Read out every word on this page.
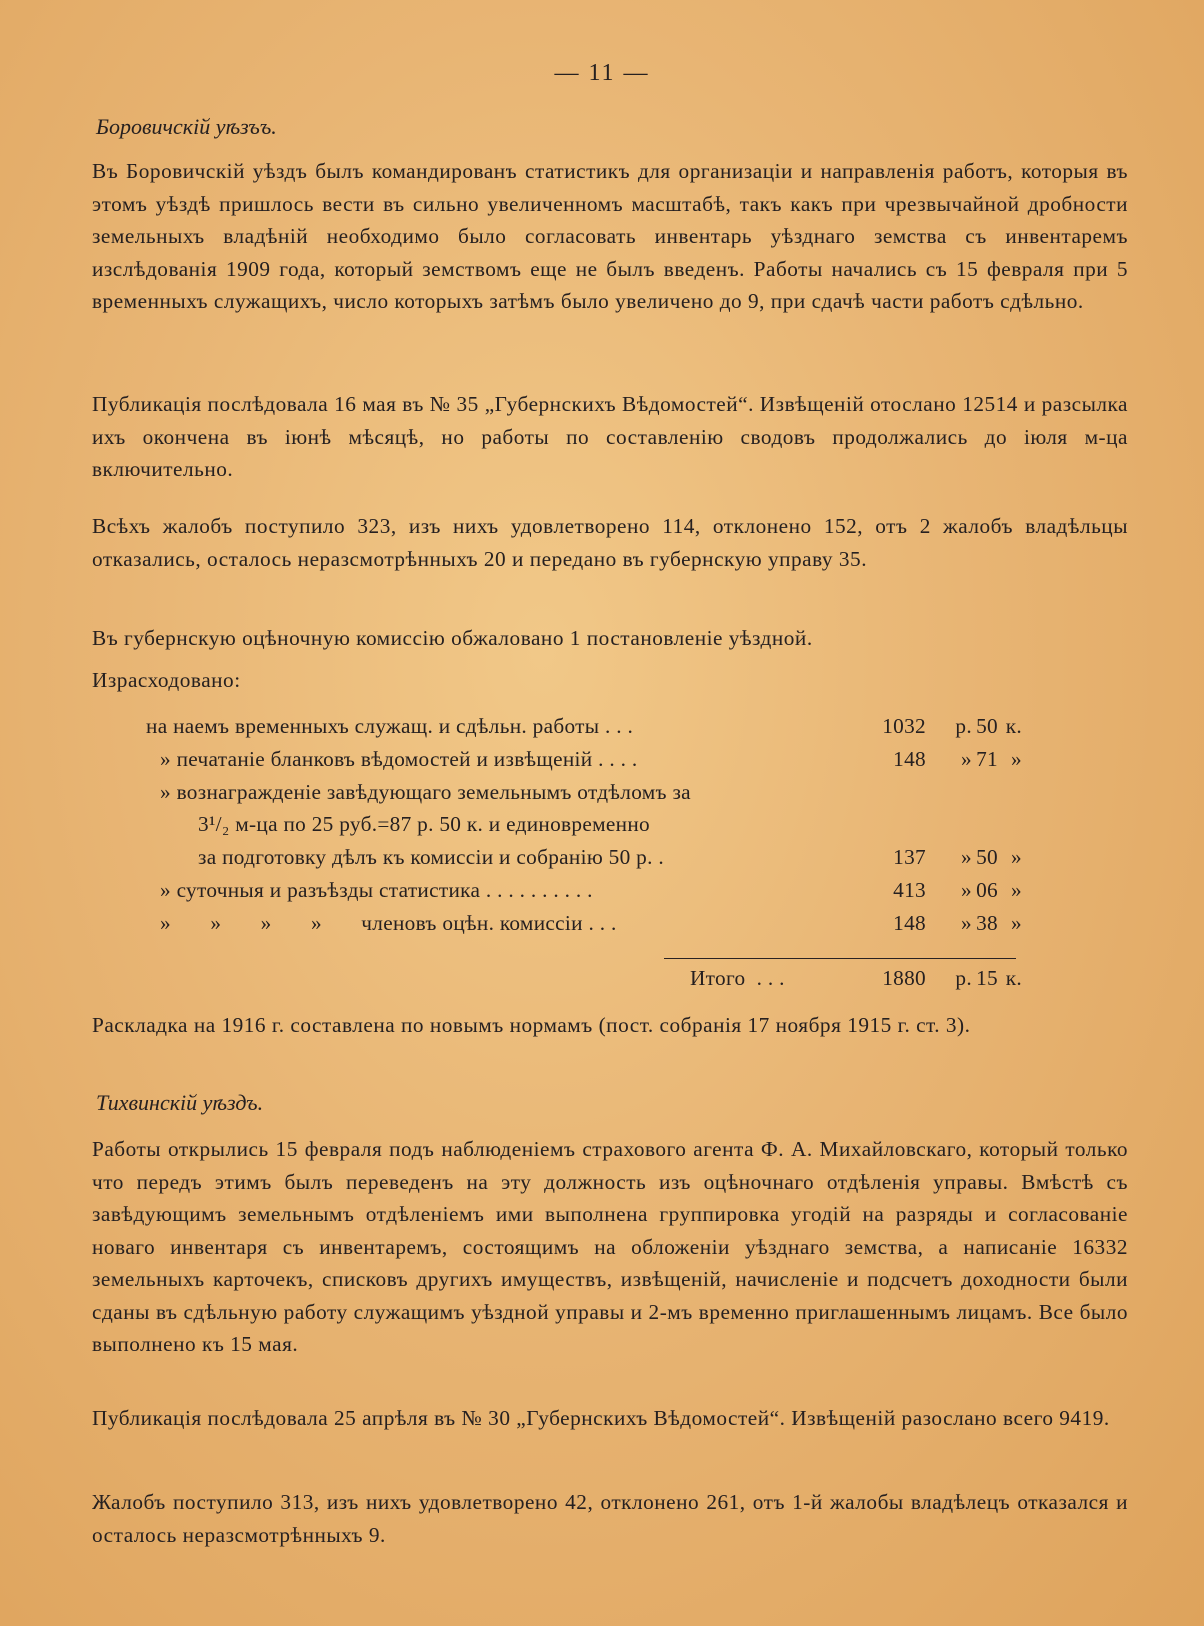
— 11 —
Боровичскій уѣзъъ.
Въ Боровичскій уѣздъ былъ командированъ статистикъ для организаціи и направленія работъ, которыя въ этомъ уѣздѣ пришлось вести въ сильно увеличенномъ масштабѣ, такъ какъ при чрезвычайной дробности земельныхъ владѣній необходимо было согласовать инвентарь уѣзднаго земства съ инвентаремъ изслѣдованія 1909 года, который земствомъ еще не былъ введенъ. Работы начались съ 15 февраля при 5 временныхъ служащихъ, число которыхъ затѣмъ было увеличено до 9, при сдачѣ части работъ сдѣльно.
Публикація послѣдовала 16 мая въ № 35 „Губернскихъ Вѣдомостей“. Извѣщеній отослано 12514 и разсылка ихъ окончена въ іюнѣ мѣсяцѣ, но работы по составленію сводовъ продолжались до іюля м-ца включительно.
Всѣхъ жалобъ поступило 323, изъ нихъ удовлетворено 114, отклонено 152, отъ 2 жалобъ владѣльцы отказались, осталось неразсмотрѣнныхъ 20 и передано въ губернскую управу 35.
Въ губернскую оцѣночную комиссію обжаловано 1 постановленіе уѣздной.
Израсходовано:
на наемъ временныхъ служащ. и сдѣльн. работы . . .	1032 р. 50 к.
» печатаніе бланковъ вѣдомостей и извѣщеній . . . .	148 » 71 »
» вознагражденіе завѣдующаго земельнымъ отдѣломъ за
3¹/₂ м-ца по 25 руб.=87 р. 50 к. и единовременно
за подготовку дѣлъ къ комиссіи и собранію 50 р. .	137 » 50 »
» суточныя и разъѣзды статистика . . . . . . . . . .	413 » 06 »
»       »       »       »       членовъ оцѣн. комиссіи . . .	148 » 38 »
Итого  . . .	1880 р. 15 к.
Раскладка на 1916 г. составлена по новымъ нормамъ (пост. собранія 17 ноября 1915 г. ст. 3).
Тихвинскій уѣздъ.
Работы открылись 15 февраля подъ наблюденіемъ страхового агента Ф. А. Михайловскаго, который только что передъ этимъ былъ переведенъ на эту должность изъ оцѣночнаго отдѣленія управы. Вмѣстѣ съ завѣдующимъ земельнымъ отдѣленіемъ ими выполнена группировка угодій на разряды и согласованіе новаго инвентаря съ инвентаремъ, состоящимъ на обложеніи уѣзднаго земства, а написаніе 16332 земельныхъ карточекъ, списковъ другихъ имуществъ, извѣщеній, начисленіе и подсчетъ доходности были сданы въ сдѣльную работу служащимъ уѣздной управы и 2-мъ временно приглашеннымъ лицамъ. Все было выполнено къ 15 мая.
Публикація послѣдовала 25 апрѣля въ № 30 „Губернскихъ Вѣдомостей“. Извѣщеній разослано всего 9419.
Жалобъ поступило 313, изъ нихъ удовлетворено 42, отклонено 261, отъ 1-й жалобы владѣлецъ отказался и осталось неразсмотрѣнныхъ 9.
